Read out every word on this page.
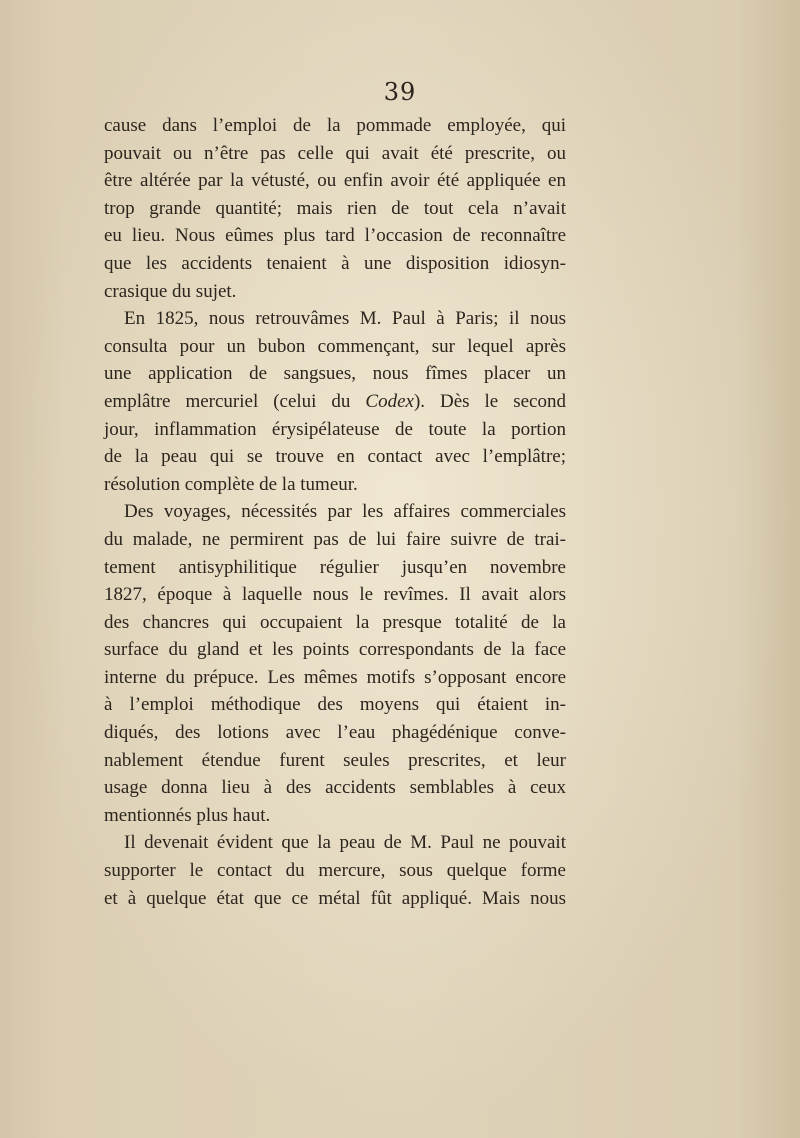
39
cause dans l’emploi de la pommade employée, qui
pouvait ou n’être pas celle qui avait été prescrite, ou
être altérée par la vétusté, ou enfin avoir été appliquée en
trop grande quantité; mais rien de tout cela n’avait
eu lieu. Nous eûmes plus tard l’occasion de reconnaître
que les accidents tenaient à une disposition idiosyn-
crasique du sujet.
En 1825, nous retrouvâmes M. Paul à Paris; il nous
consulta pour un bubon commençant, sur lequel après
une application de sangsues, nous fîmes placer un
emplâtre mercuriel (celui du Codex). Dès le second
jour, inflammation érysipélateuse de toute la portion
de la peau qui se trouve en contact avec l’emplâtre;
résolution complète de la tumeur.
Des voyages, nécessités par les affaires commerciales
du malade, ne permirent pas de lui faire suivre de trai-
tement antisyphilitique régulier jusqu’en novembre
1827, époque à laquelle nous le revîmes. Il avait alors
des chancres qui occupaient la presque totalité de la
surface du gland et les points correspondants de la face
interne du prépuce. Les mêmes motifs s’opposant encore
à l’emploi méthodique des moyens qui étaient in-
diqués, des lotions avec l’eau phagédénique conve-
nablement étendue furent seules prescrites, et leur
usage donna lieu à des accidents semblables à ceux
mentionnés plus haut.
Il devenait évident que la peau de M. Paul ne pouvait
supporter le contact du mercure, sous quelque forme
et à quelque état que ce métal fût appliqué. Mais nous
